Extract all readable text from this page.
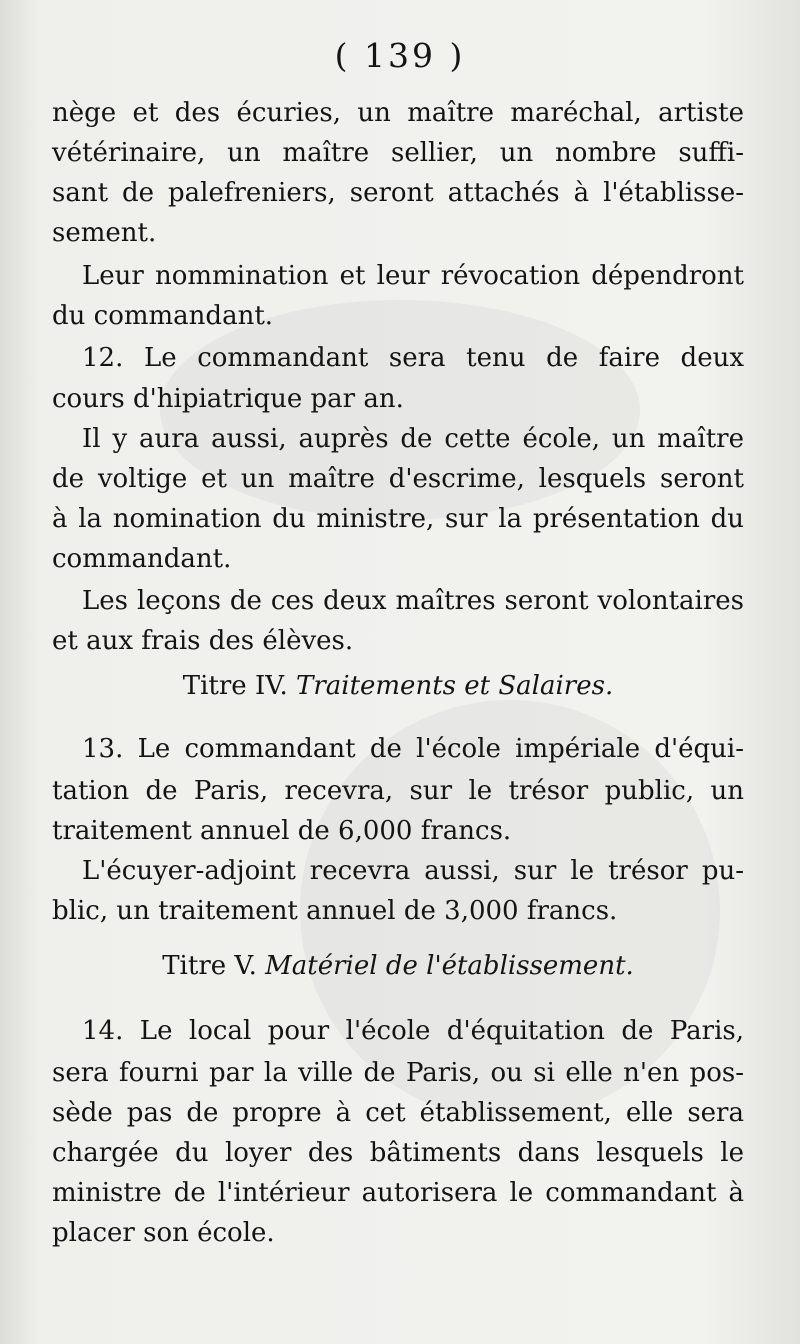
( 139 )
nège et des écuries, un maître maréchal, artiste
vétérinaire, un maître sellier, un nombre suffi-
sant de palefreniers, seront attachés à l'établisse-
sement.
Leur nommination et leur révocation dépendront
du commandant.
12. Le commandant sera tenu de faire deux
cours d'hipiatrique par an.
Il y aura aussi, auprès de cette école, un maître
de voltige et un maître d'escrime, lesquels seront
à la nomination du ministre, sur la présentation du
commandant.
Les leçons de ces deux maîtres seront volontaires
et aux frais des élèves.
Titre IV. Traitements et Salaires.
13. Le commandant de l'école impériale d'équi-
tation de Paris, recevra, sur le trésor public, un
traitement annuel de 6,000 francs.
L'écuyer-adjoint recevra aussi, sur le trésor pu-
blic, un traitement annuel de 3,000 francs.
Titre V. Matériel de l'établissement.
14. Le local pour l'école d'équitation de Paris,
sera fourni par la ville de Paris, ou si elle n'en pos-
sède pas de propre à cet établissement, elle sera
chargée du loyer des bâtiments dans lesquels le
ministre de l'intérieur autorisera le commandant à
placer son école.
